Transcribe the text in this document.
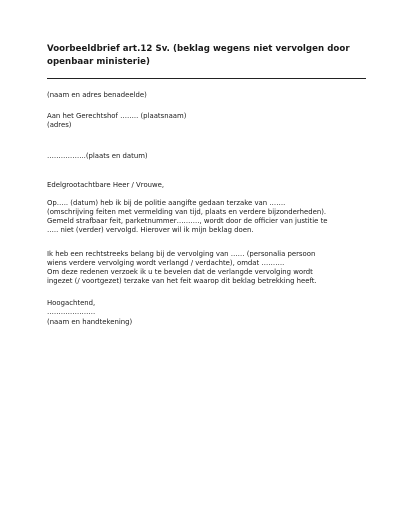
Voorbeeldbrief art.12 Sv. (beklag wegens niet vervolgen door openbaar ministerie)
(naam en adres benadeelde)
Aan het Gerechtshof …….. (plaatsnaam)
(adres)
……………..(plaats en datum)
Edelgrootachtbare Heer / Vrouwe,
Op….. (datum) heb ik bij de politie aangifte gedaan terzake van …….
(omschrijving feiten met vermelding van tijd, plaats en verdere bijzonderheden).
Gemeld strafbaar feit, parketnummer………., wordt door de officier van justitie te
….. niet (verder) vervolgd. Hierover wil ik mijn beklag doen.
Ik heb een rechtstreeks belang bij de vervolging van …… (personalia persoon
wiens verdere vervolging wordt verlangd / verdachte), omdat ……….
Om deze redenen verzoek ik u te bevelen dat de verlangde vervolging wordt
ingezet (/ voortgezet) terzake van het feit waarop dit beklag betrekking heeft.
Hoogachtend,
…………………
(naam en handtekening)
